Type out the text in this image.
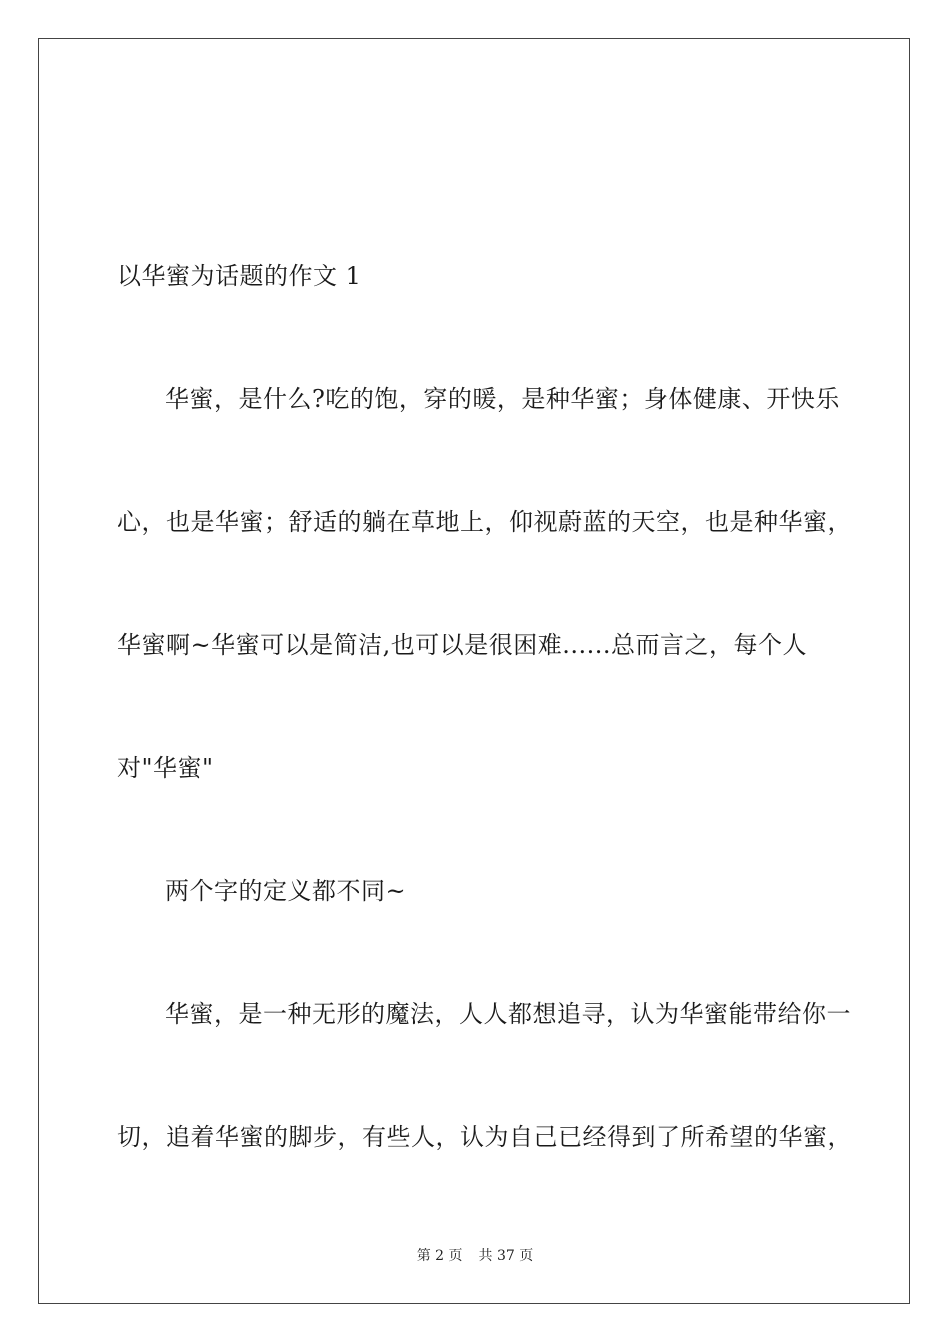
以华蜜为话题的作文 1
华蜜，是什么?吃的饱，穿的暖，是种华蜜；身体健康、开快乐
心，也是华蜜；舒适的躺在草地上，仰视蔚蓝的天空，也是种华蜜，
华蜜啊~华蜜可以是简洁,也可以是很困难......总而言之，每个人
对"华蜜"
两个字的定义都不同~
华蜜，是一种无形的魔法，人人都想追寻，认为华蜜能带给你一
切，追着华蜜的脚步，有些人，认为自己已经得到了所希望的华蜜，
第 2 页 共 37 页
